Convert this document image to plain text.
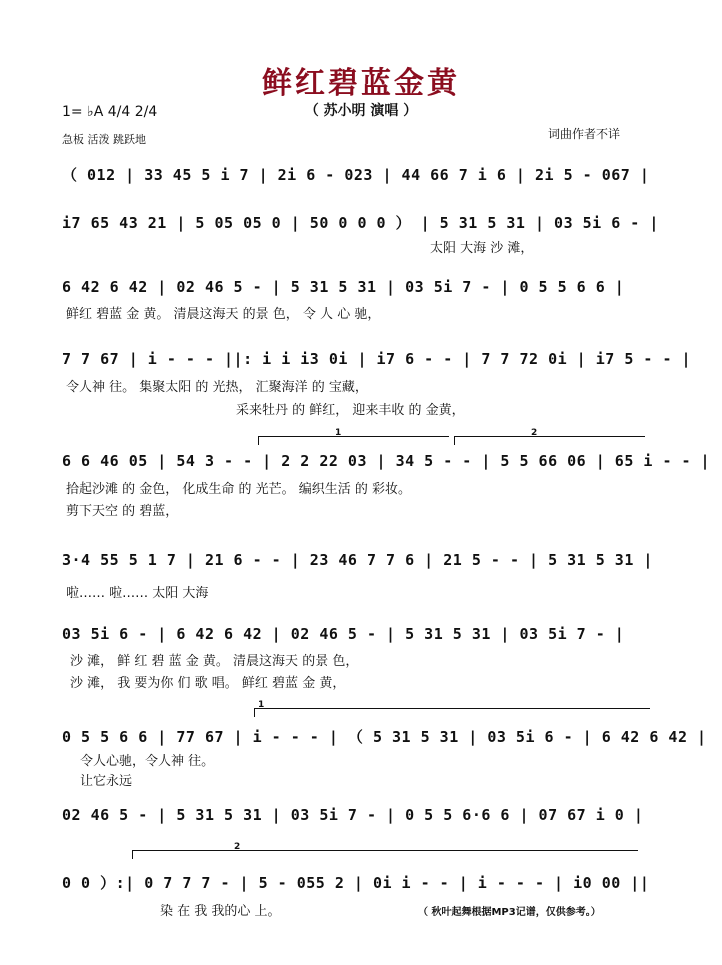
鲜红碧蓝金黄
（ 苏小明 演唱 ）
1= ♭A 4/4 2/4
急板 活泼 跳跃地	词曲作者不详
（ 012 | 33 45 5 i 7 | 2i 6 - 023 | 44 66 7 i 6 | 2i 5 - 067 |
i7 65 43 21 | 5 05 05 0 | 50 0 0 0 ） | 5 31 5 31 | 03 5i 6 - |
太阳 大海 沙 滩，
6 42 6 42 | 02 46 5 - | 5 31 5 31 | 03 5i 7 - | 0 5 5 6 6 |
鲜红 碧蓝 金 黄。 清晨这海天 的景 色， 令 人 心 驰，
7 7 67 | i - - - ||: i i i3 0i | i7 6 - - | 7 7 72 0i | i7 5 - - |
令人神 往。 集聚太阳 的 光热， 汇聚海洋 的 宝藏，
采来牡丹 的 鲜红， 迎来丰收 的 金黄，
1	2
6 6 46 05 | 54 3 - - | 2 2 22 03 | 34 5 - - | 5 5 66 06 | 65 i - - |
拾起沙滩 的 金色， 化成生命 的 光芒。 编织生活 的 彩妆。
剪下天空 的 碧蓝，
3·4 55 5 1 7 | 21 6 - - | 23 46 7 7 6 | 21 5 - - | 5 31 5 31 |
啦…… 啦…… 太阳 大海
03 5i 6 - | 6 42 6 42 | 02 46 5 - | 5 31 5 31 | 03 5i 7 - |
沙 滩， 鲜 红 碧 蓝 金 黄。 清晨这海天 的景 色，
沙 滩， 我 要为你 们 歌 唱。 鲜红 碧蓝 金 黄，
1
0 5 5 6 6 | 77 67 | i - - - | （ 5 31 5 31 | 03 5i 6 - | 6 42 6 42 |
令人心驰，令人神 往。
让它永远
02 46 5 - | 5 31 5 31 | 03 5i 7 - | 0 5 5 6·6 6 | 07 67 i 0 |
2
0 0 ）:| 0 7 7 7 - | 5 - 055 2 | 0i i - - | i - - - | i0 00 ||
染 在 我 我的心 上。	（ 秋叶起舞根据MP3记谱，仅供参考。）
